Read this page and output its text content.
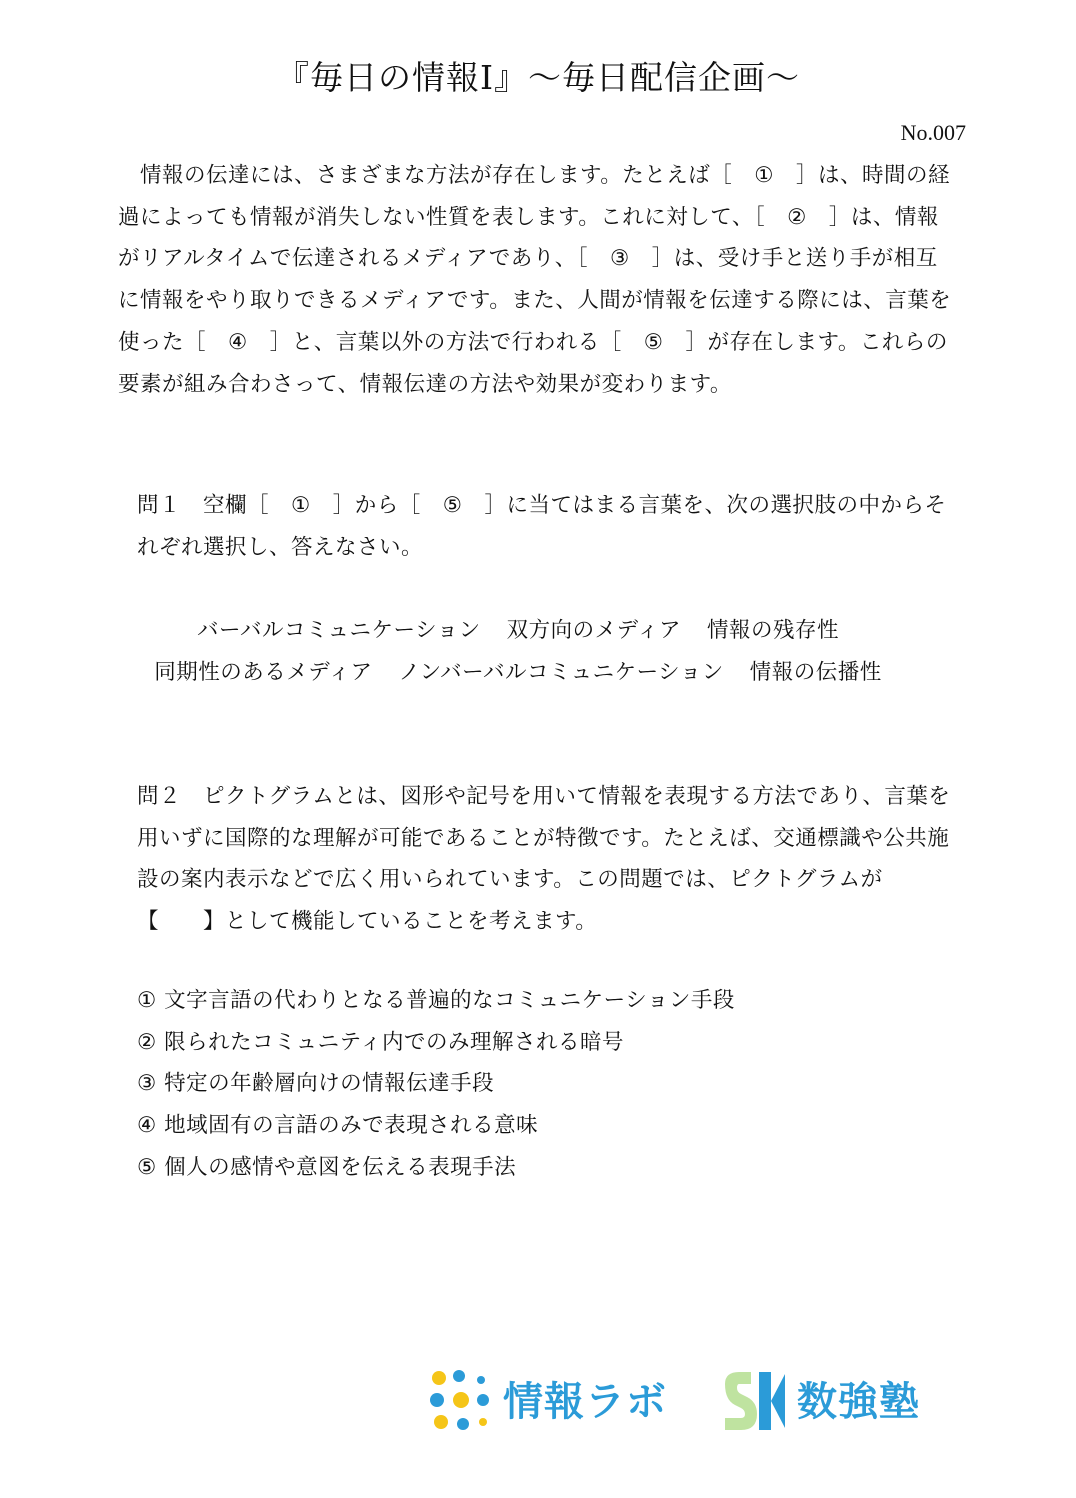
『毎日の情報Ⅰ』〜毎日配信企画〜
No.007

　情報の伝達には、さまざまな方法が存在します。たとえば［　①　］は、時間の経過によっても情報が消失しない性質を表します。これに対して、［　②　］は、情報がリアルタイムで伝達されるメディアであり、［　③　］は、受け手と送り手が相互に情報をやり取りできるメディアです。また、人間が情報を伝達する際には、言葉を使った［　④　］と、言葉以外の方法で行われる［　⑤　］が存在します。これらの要素が組み合わさって、情報伝達の方法や効果が変わります。

問１　空欄［　①　］から［　⑤　］に当てはまる言葉を、次の選択肢の中からそれぞれ選択し、答えなさい。

バーバルコミュニケーション 双方向のメディア 情報の残存性
同期性のあるメディア ノンバーバルコミュニケーション 情報の伝播性

問２　ピクトグラムとは、図形や記号を用いて情報を表現する方法であり、言葉を用いずに国際的な理解が可能であることが特徴です。たとえば、交通標識や公共施設の案内表示などで広く用いられています。この問題では、ピクトグラムが【　　】として機能していることを考えます。

① 文字言語の代わりとなる普遍的なコミュニケーション手段
② 限られたコミュニティ内でのみ理解される暗号
③ 特定の年齢層向けの情報伝達手段
④ 地域固有の言語のみで表現される意味
⑤ 個人の感情や意図を伝える表現手法
情報ラボ	数強塾
